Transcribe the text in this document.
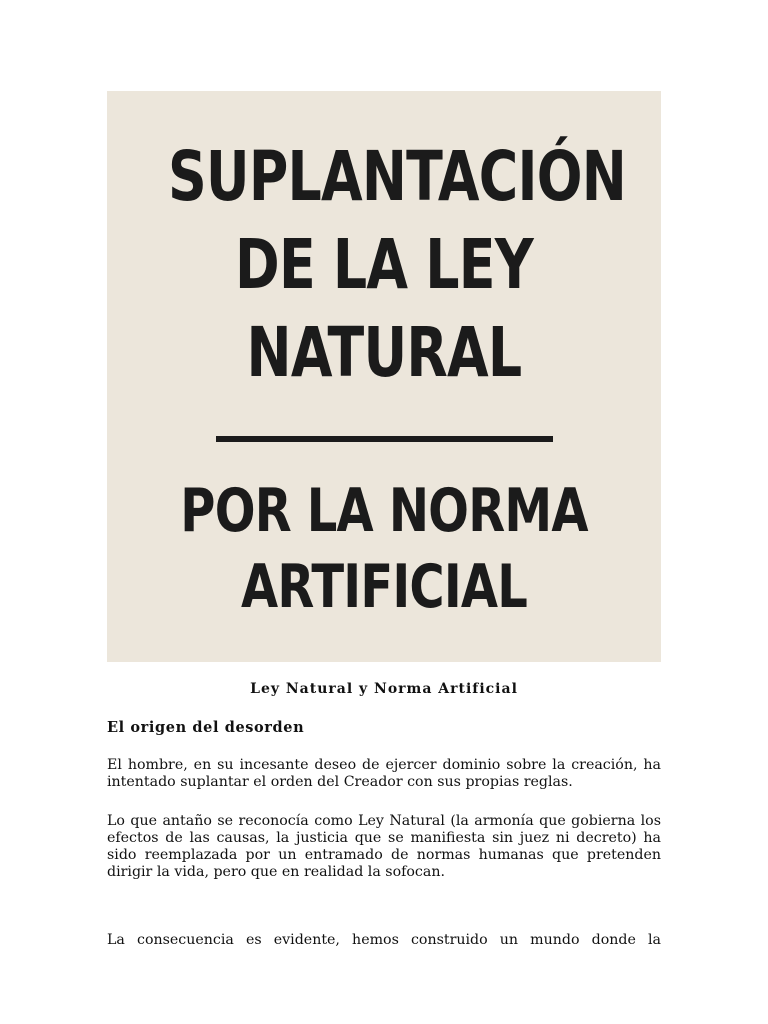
SUPLANTACIÓN
DE LA LEY
NATURAL
POR LA NORMA
ARTIFICIAL
Ley Natural y Norma Artificial
El origen del desorden

El hombre, en su incesante deseo de ejercer dominio sobre la creación, ha intentado suplantar el orden del Creador con sus propias reglas.

Lo que antaño se reconocía como Ley Natural (la armonía que gobierna los efectos de las causas, la justicia que se manifiesta sin juez ni decreto) ha sido reemplazada por un entramado de normas humanas que pretenden dirigir la vida, pero que en realidad la sofocan.

La consecuencia es evidente, hemos construido un mundo donde la
